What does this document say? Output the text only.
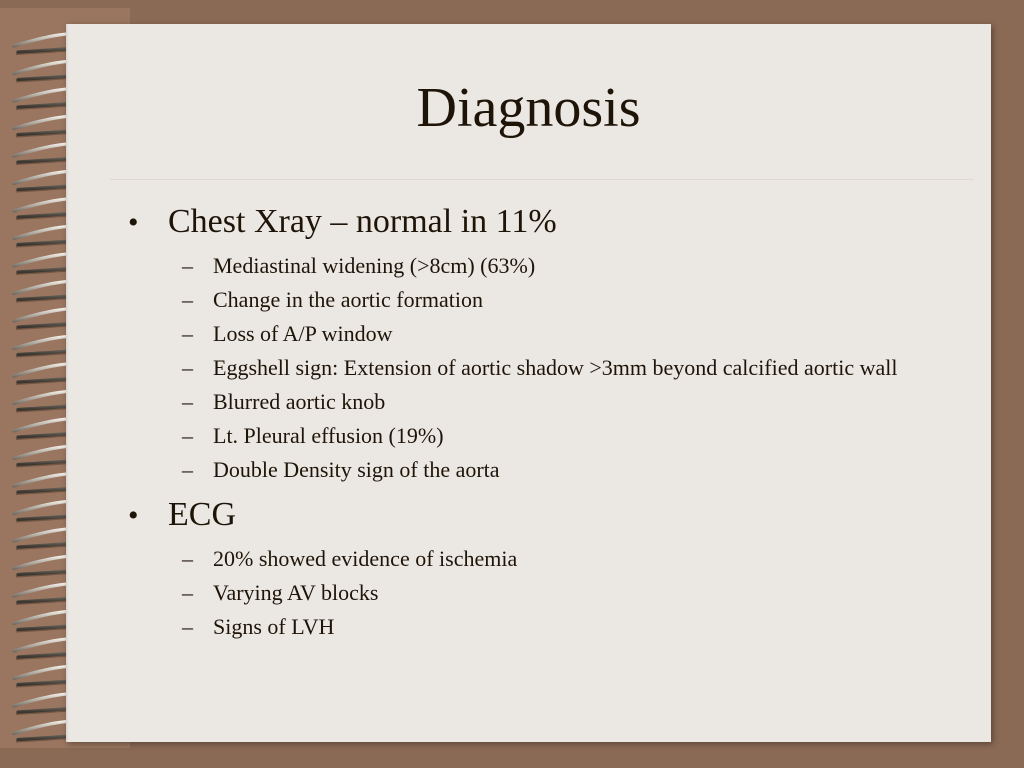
Diagnosis
• Chest Xray – normal in 11%
– Mediastinal widening (>8cm) (63%)
– Change in the aortic formation
– Loss of A/P window
– Eggshell sign: Extension of aortic shadow >3mm beyond calcified aortic wall
– Blurred aortic knob
– Lt. Pleural effusion (19%)
– Double Density sign of the aorta
• ECG
– 20% showed evidence of ischemia
– Varying AV blocks
– Signs of LVH
